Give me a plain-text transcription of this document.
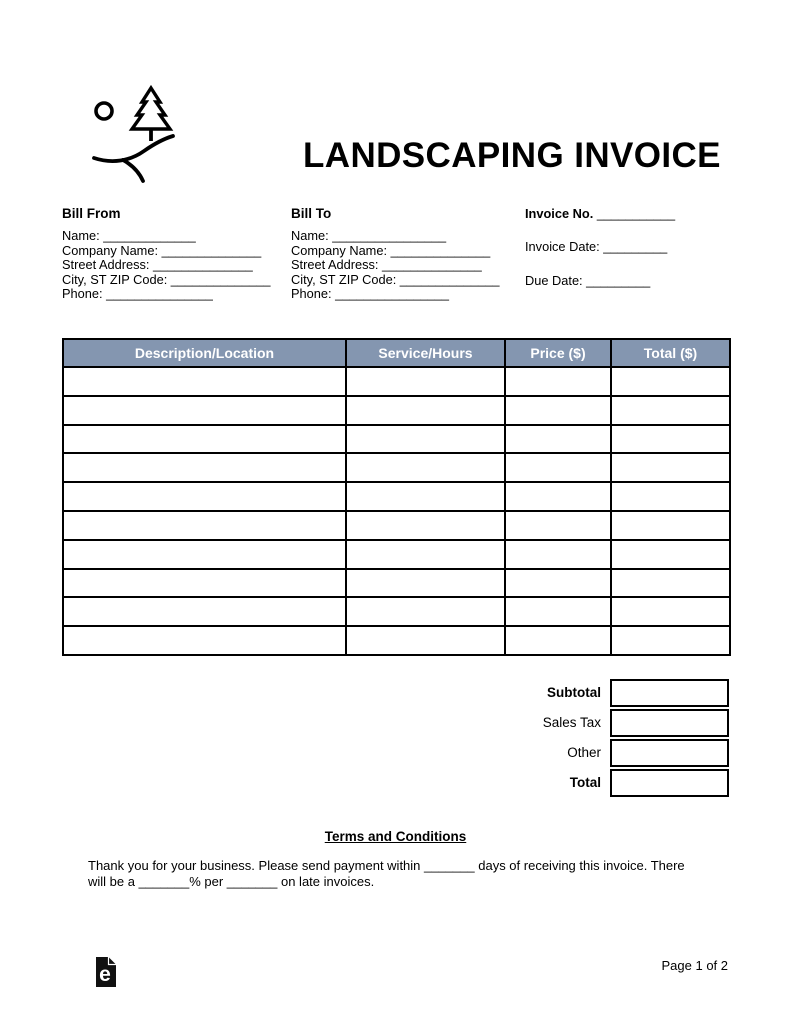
LANDSCAPING INVOICE
Bill From
Name: _____________
Company Name: ______________
Street Address: ______________
City, ST ZIP Code: ______________
Phone: _______________
Bill To
Name: ________________
Company Name: ______________
Street Address: ______________
City, ST ZIP Code: ______________
Phone: ________________
Invoice No. ___________
Invoice Date: _________
Due Date: _________
Description/Location	Service/Hours	Price ($)	Total ($)

Subtotal
Sales Tax
Other
Total
Terms and Conditions
Thank you for your business. Please send payment within _______ days of receiving this invoice. There
will be a _______% per _______ on late invoices.
e	Page 1 of 2
